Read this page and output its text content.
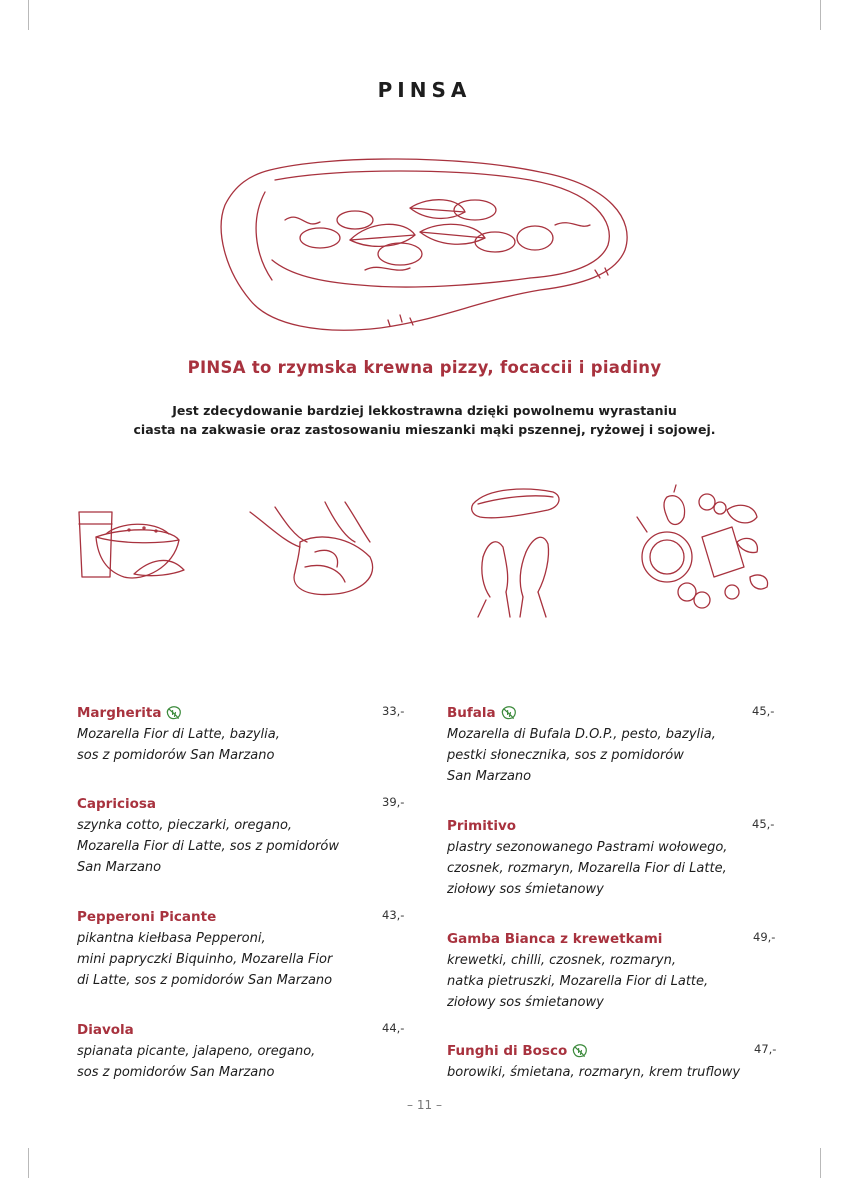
PINSA
PINSA to rzymska krewna pizzy, focaccii i piadiny
Jest zdecydowanie bardziej lekkostrawna dzięki powolnemu wyrastaniu
ciasta na zakwasie oraz zastosowaniu mieszanki mąki pszennej, ryżowej i sojowej.
Margherita	33,-
Mozarella Fior di Latte, bazylia,
sos z pomidorów San Marzano
Capriciosa	39,-
szynka cotto, pieczarki, oregano,
Mozarella Fior di Latte, sos z pomidorów
San Marzano
Pepperoni Picante	43,-
pikantna kiełbasa Pepperoni,
mini papryczki Biquinho, Mozarella Fior
di Latte, sos z pomidorów San Marzano
Diavola	44,-
spianata picante, jalapeno, oregano,
sos z pomidorów San Marzano
Bufala	45,-
Mozarella di Bufala D.O.P., pesto, bazylia,
pestki słonecznika, sos z pomidorów
San Marzano
Primitivo	45,-
plastry sezonowanego Pastrami wołowego,
czosnek, rozmaryn, Mozarella Fior di Latte,
ziołowy sos śmietanowy
Gamba Bianca z krewetkami	49,-
krewetki, chilli, czosnek, rozmaryn,
natka pietruszki, Mozarella Fior di Latte,
ziołowy sos śmietanowy
Funghi di Bosco	47,-
borowiki, śmietana, rozmaryn, krem truflowy
– 11 –
